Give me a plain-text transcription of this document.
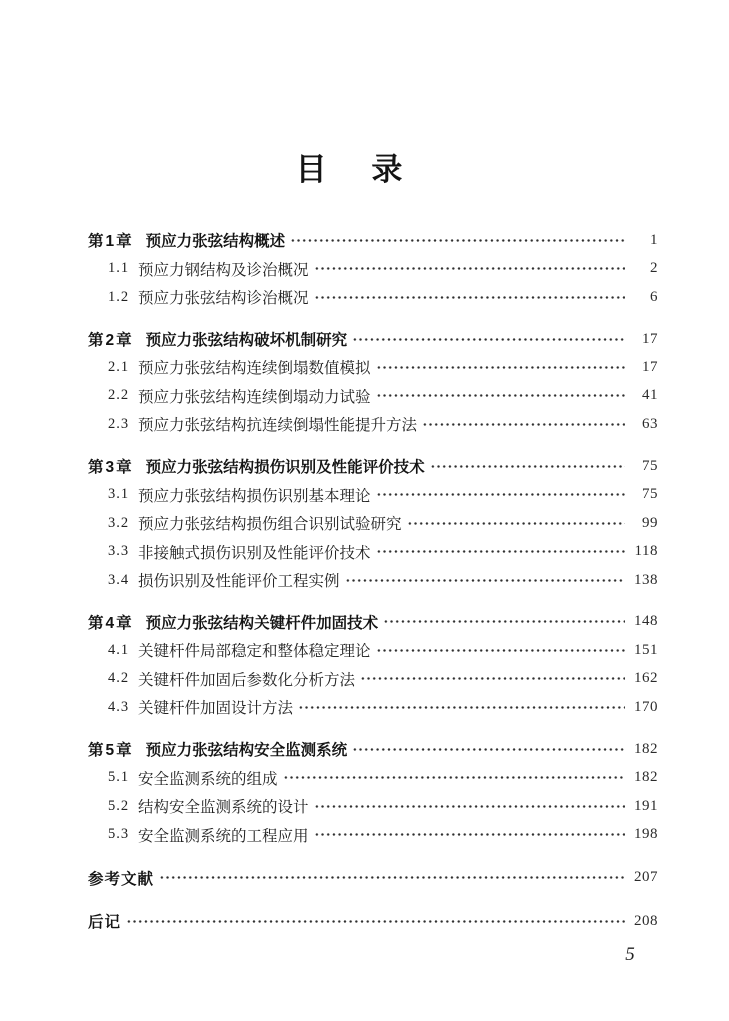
目 录
第1章 预应力张弦结构概述	1
1.1 预应力钢结构及诊治概况	2
1.2 预应力张弦结构诊治概况	6
第2章 预应力张弦结构破坏机制研究	17
2.1 预应力张弦结构连续倒塌数值模拟	17
2.2 预应力张弦结构连续倒塌动力试验	41
2.3 预应力张弦结构抗连续倒塌性能提升方法	63
第3章 预应力张弦结构损伤识别及性能评价技术	75
3.1 预应力张弦结构损伤识别基本理论	75
3.2 预应力张弦结构损伤组合识别试验研究	99
3.3 非接触式损伤识别及性能评价技术	118
3.4 损伤识别及性能评价工程实例	138
第4章 预应力张弦结构关键杆件加固技术	148
4.1 关键杆件局部稳定和整体稳定理论	151
4.2 关键杆件加固后参数化分析方法	162
4.3 关键杆件加固设计方法	170
第5章 预应力张弦结构安全监测系统	182
5.1 安全监测系统的组成	182
5.2 结构安全监测系统的设计	191
5.3 安全监测系统的工程应用	198
参考文献	207
后记	208
5
